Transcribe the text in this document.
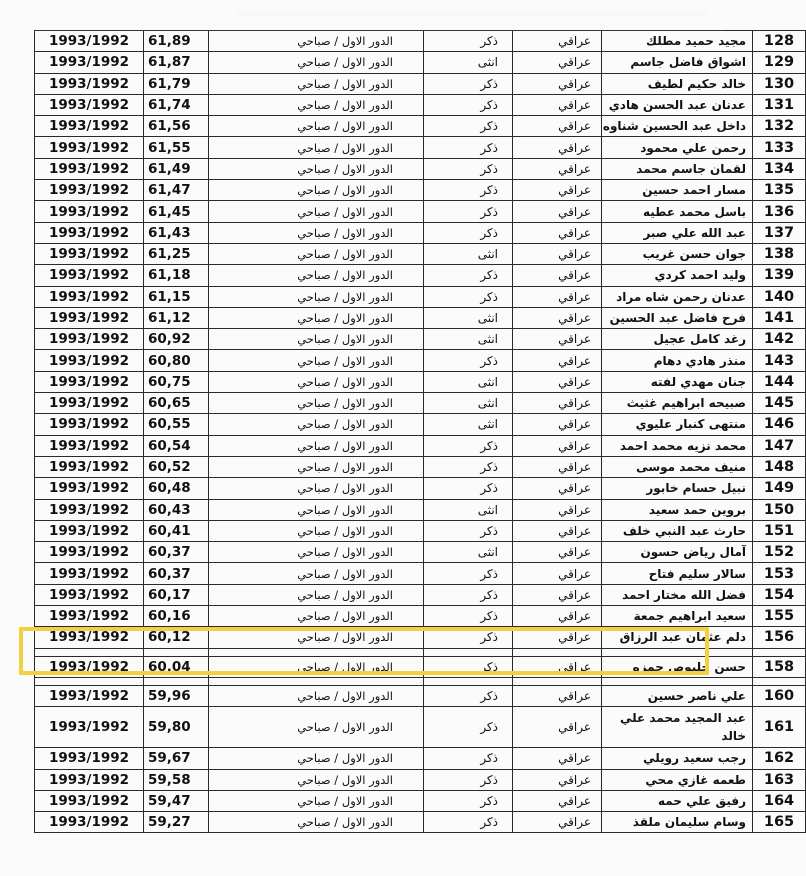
1993/1992	61,89	الدور الاول / صباحي	ذكر	عراقي	مجيد حميد مطلك	128
1993/1992	61,87	الدور الاول / صباحي	انثى	عراقي	اشواق فاضل جاسم	129
1993/1992	61,79	الدور الاول / صباحي	ذكر	عراقي	خالد حكيم لطيف	130
1993/1992	61,74	الدور الاول / صباحي	ذكر	عراقي	عدنان عبد الحسن هادي	131
1993/1992	61,56	الدور الاول / صباحي	ذكر	عراقي	داخل عبد الحسين شناوه	132
1993/1992	61,55	الدور الاول / صباحي	ذكر	عراقي	رحمن علي محمود	133
1993/1992	61,49	الدور الاول / صباحي	ذكر	عراقي	لقمان جاسم محمد	134
1993/1992	61,47	الدور الاول / صباحي	ذكر	عراقي	مسار احمد حسين	135
1993/1992	61,45	الدور الاول / صباحي	ذكر	عراقي	باسل محمد عطيه	136
1993/1992	61,43	الدور الاول / صباحي	ذكر	عراقي	عبد الله علي صبر	137
1993/1992	61,25	الدور الاول / صباحي	انثى	عراقي	جوان حسن غريب	138
1993/1992	61,18	الدور الاول / صباحي	ذكر	عراقي	وليد احمد كردي	139
1993/1992	61,15	الدور الاول / صباحي	ذكر	عراقي	عدنان رحمن شاه مراد	140
1993/1992	61,12	الدور الاول / صباحي	انثى	عراقي	فرح فاضل عبد الحسين	141
1993/1992	60,92	الدور الاول / صباحي	انثى	عراقي	رغد كامل عجيل	142
1993/1992	60,80	الدور الاول / صباحي	ذكر	عراقي	منذر هادي دهام	143
1993/1992	60,75	الدور الاول / صباحي	انثى	عراقي	جنان مهدي لفته	144
1993/1992	60,65	الدور الاول / صباحي	انثى	عراقي	صبيحه ابراهيم غثيث	145
1993/1992	60,55	الدور الاول / صباحي	انثى	عراقي	منتهى كنبار عليوي	146
1993/1992	60,54	الدور الاول / صباحي	ذكر	عراقي	محمد نزيه محمد احمد	147
1993/1992	60,52	الدور الاول / صباحي	ذكر	عراقي	منيف محمد موسى	148
1993/1992	60,48	الدور الاول / صباحي	ذكر	عراقي	نبيل حسام خابور	149
1993/1992	60,43	الدور الاول / صباحي	انثى	عراقي	بروين حمد سعيد	150
1993/1992	60,41	الدور الاول / صباحي	ذكر	عراقي	حارث عبد النبي خلف	151
1993/1992	60,37	الدور الاول / صباحي	انثى	عراقي	آمال رياض حسون	152
1993/1992	60,37	الدور الاول / صباحي	ذكر	عراقي	سالار سليم فتاح	153
1993/1992	60,17	الدور الاول / صباحي	ذكر	عراقي	فضل الله مختار احمد	154
1993/1992	60,16	الدور الاول / صباحي	ذكر	عراقي	سعيد ابراهيم جمعة	155
1993/1992	60,12	الدور الاول / صباحي	ذكر	عراقي	دلم عثمان عبد الرزاق	156

1993/1992	60,04	الدور الاول / صباحي	ذكر	عراقي	حسن حليوص حمزه	158

1993/1992	59,96	الدور الاول / صباحي	ذكر	عراقي	علي ناصر حسين	160
1993/1992	59,80	الدور الاول / صباحي	ذكر	عراقي	عبد المجيد محمد علي خالد	161
1993/1992	59,67	الدور الاول / صباحي	ذكر	عراقي	رجب سعيد رويلي	162
1993/1992	59,58	الدور الاول / صباحي	ذكر	عراقي	طعمه غازي محي	163
1993/1992	59,47	الدور الاول / صباحي	ذكر	عراقي	رفيق علي حمه	164
1993/1992	59,27	الدور الاول / صباحي	ذكر	عراقي	وسام سليمان ملقذ	165
